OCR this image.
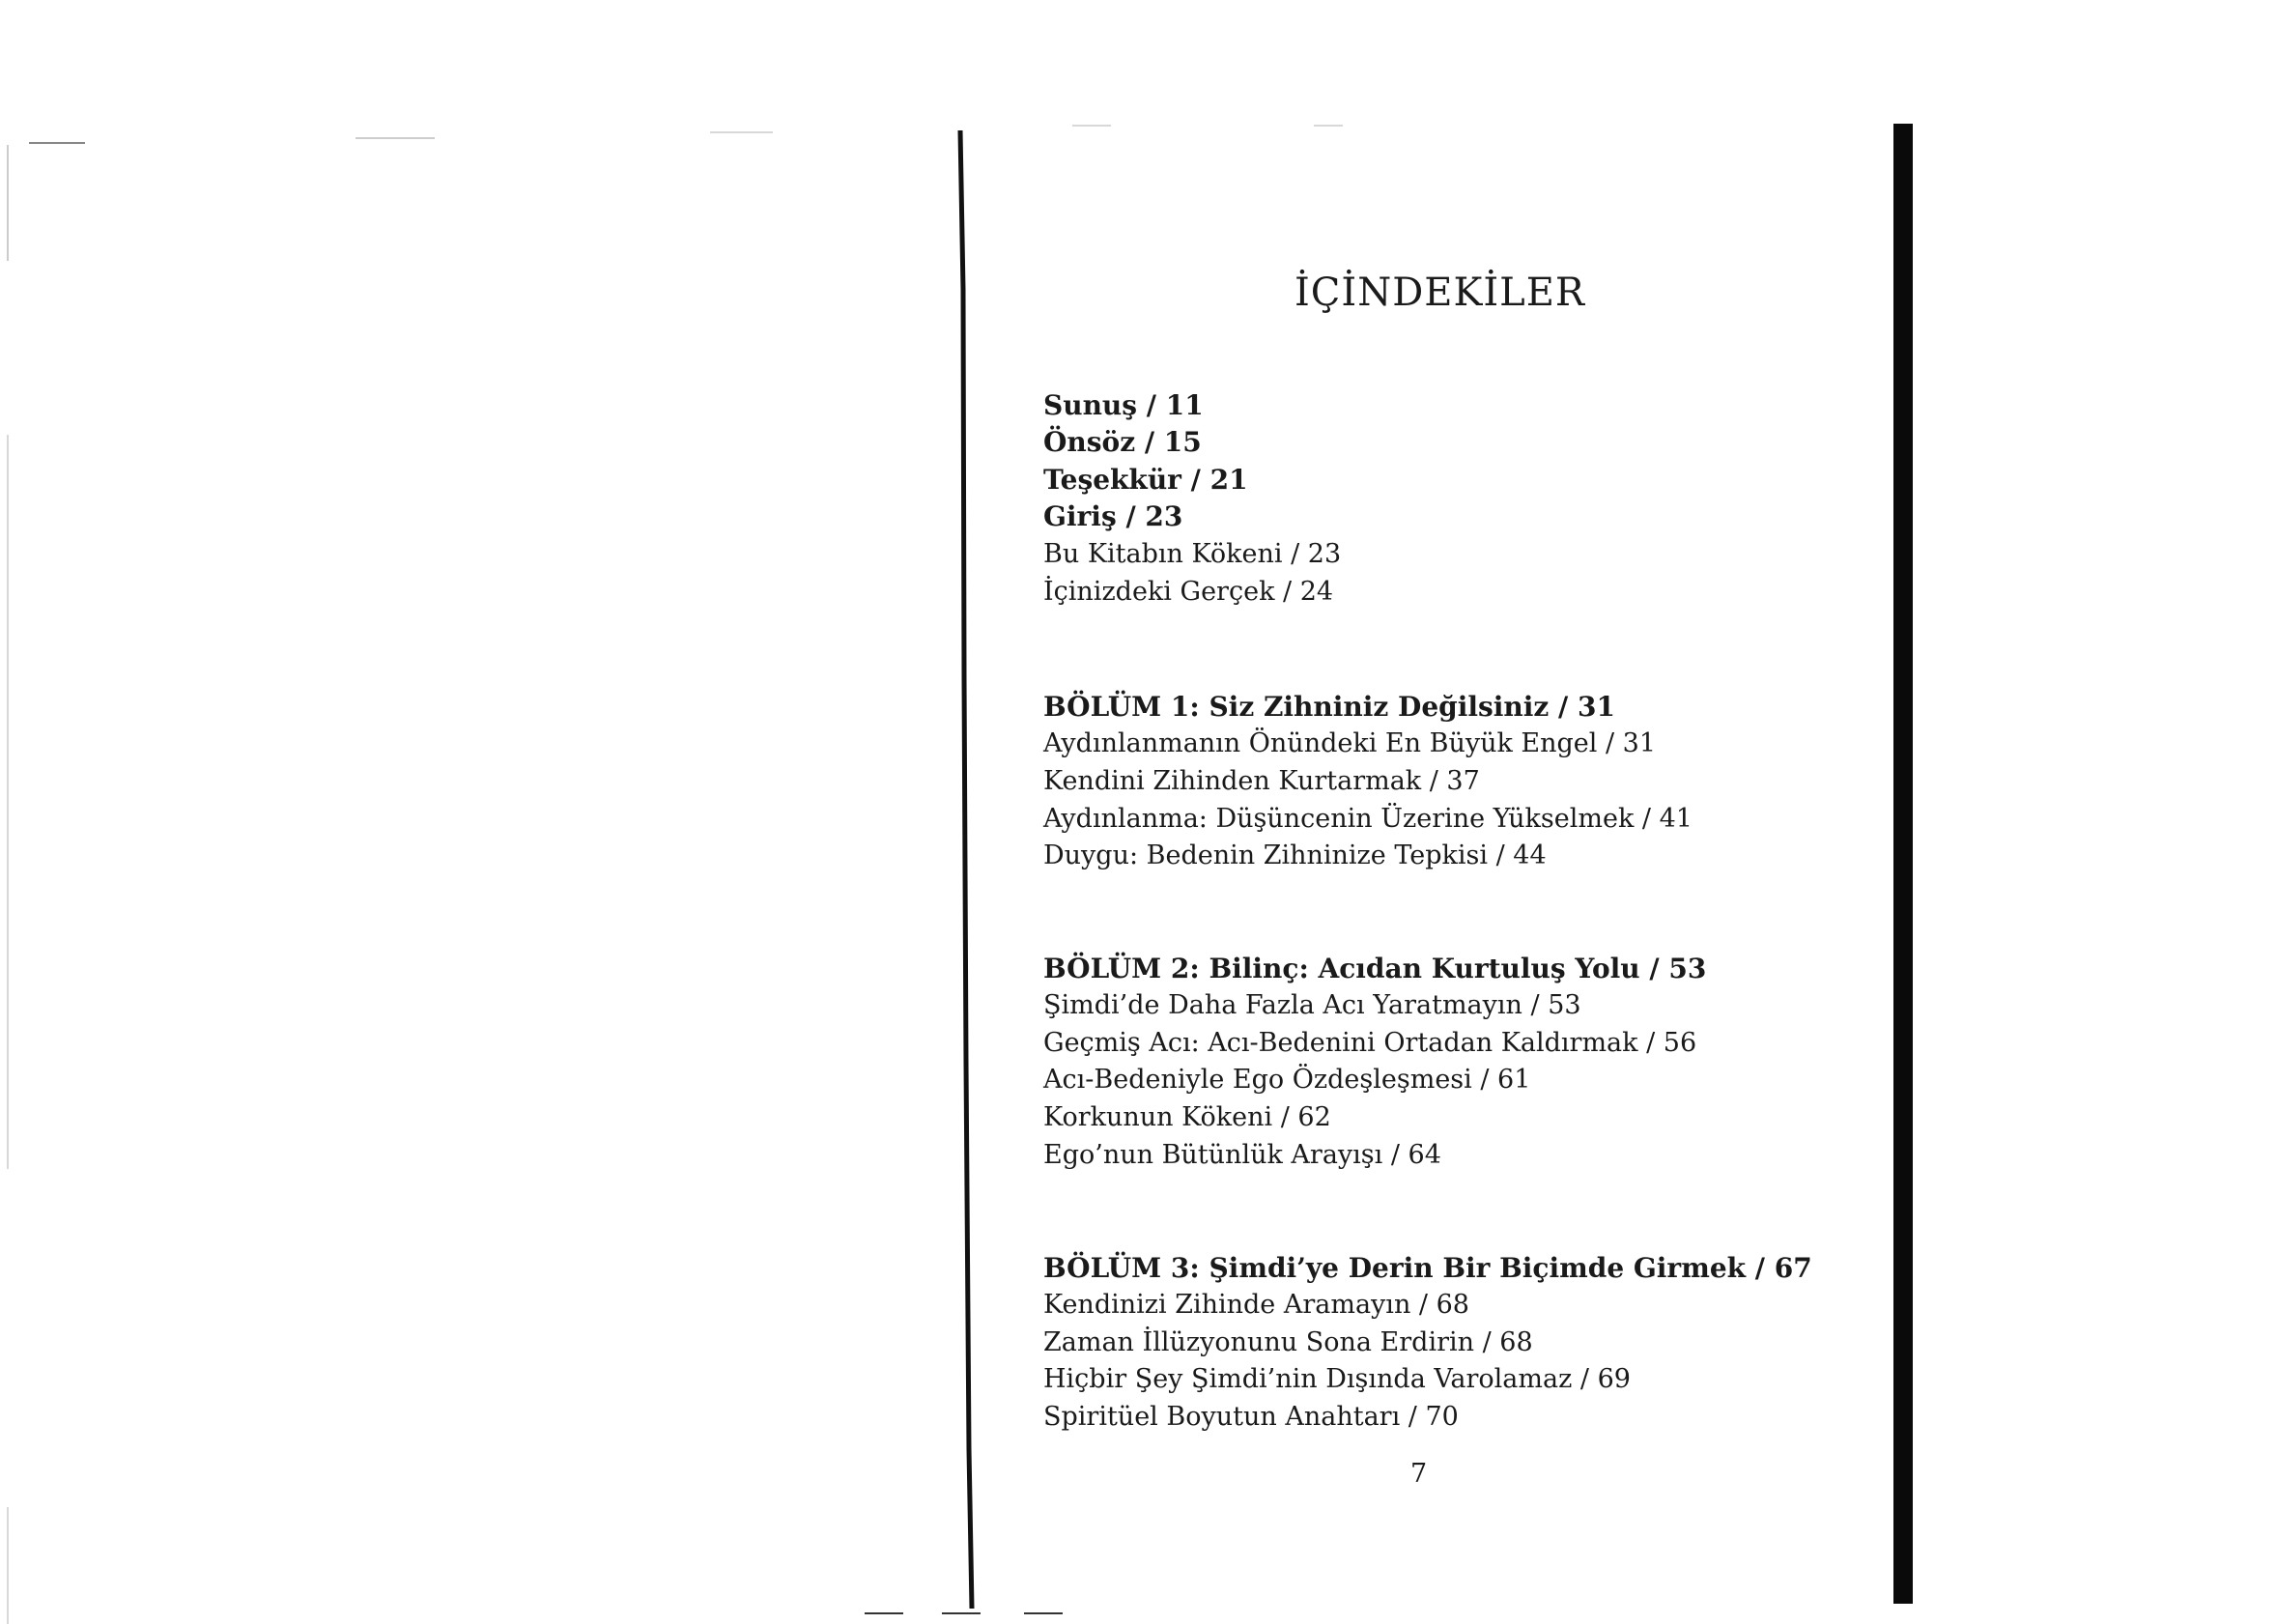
İÇİNDEKİLER
Sunuş / 11
Önsöz / 15
Teşekkür / 21
Giriş / 23
Bu Kitabın Kökeni / 23
İçinizdeki Gerçek / 24
BÖLÜM 1: Siz Zihniniz Değilsiniz / 31
Aydınlanmanın Önündeki En Büyük Engel / 31
Kendini Zihinden Kurtarmak / 37
Aydınlanma: Düşüncenin Üzerine Yükselmek / 41
Duygu: Bedenin Zihninize Tepkisi / 44
BÖLÜM 2: Bilinç: Acıdan Kurtuluş Yolu / 53
Şimdi’de Daha Fazla Acı Yaratmayın / 53
Geçmiş Acı: Acı-Bedenini Ortadan Kaldırmak / 56
Acı-Bedeniyle Ego Özdeşleşmesi / 61
Korkunun Kökeni / 62
Ego’nun Bütünlük Arayışı / 64
BÖLÜM 3: Şimdi’ye Derin Bir Biçimde Girmek / 67
Kendinizi Zihinde Aramayın / 68
Zaman İllüzyonunu Sona Erdirin / 68
Hiçbir Şey Şimdi’nin Dışında Varolamaz / 69
Spiritüel Boyutun Anahtarı / 70
7
